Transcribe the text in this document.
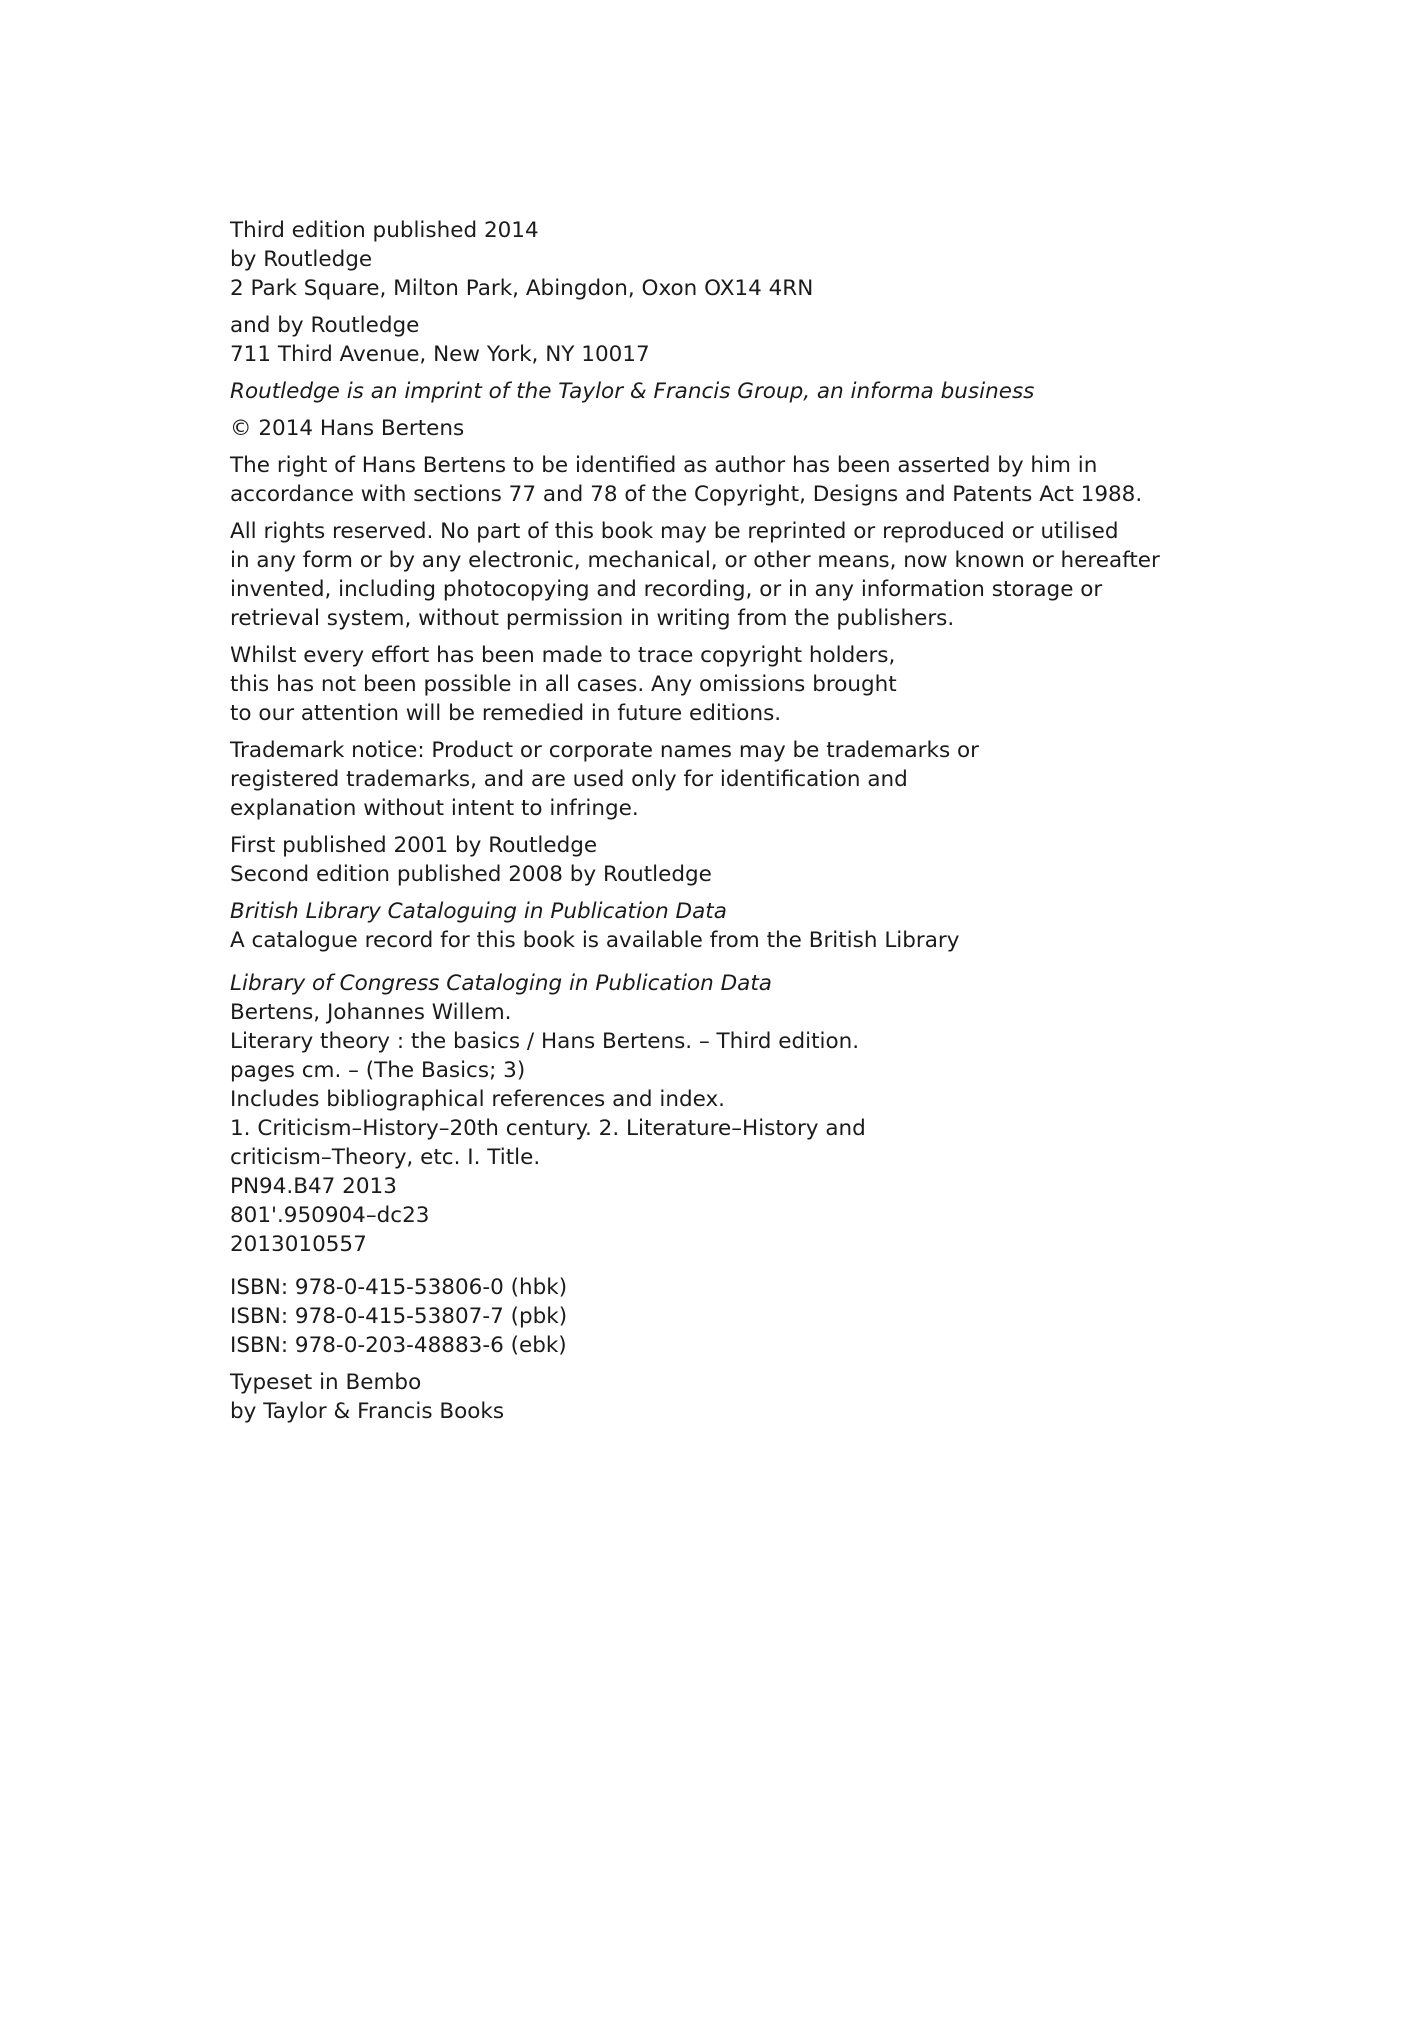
Third edition published 2014
by Routledge
2 Park Square, Milton Park, Abingdon, Oxon OX14 4RN
and by Routledge
711 Third Avenue, New York, NY 10017
Routledge is an imprint of the Taylor & Francis Group, an informa business
© 2014 Hans Bertens
The right of Hans Bertens to be identified as author has been asserted by him in
accordance with sections 77 and 78 of the Copyright, Designs and Patents Act 1988.
All rights reserved. No part of this book may be reprinted or reproduced or utilised
in any form or by any electronic, mechanical, or other means, now known or hereafter
invented, including photocopying and recording, or in any information storage or
retrieval system, without permission in writing from the publishers.
Whilst every effort has been made to trace copyright holders,
this has not been possible in all cases. Any omissions brought
to our attention will be remedied in future editions.
Trademark notice: Product or corporate names may be trademarks or
registered trademarks, and are used only for identification and
explanation without intent to infringe.
First published 2001 by Routledge
Second edition published 2008 by Routledge
British Library Cataloguing in Publication Data
A catalogue record for this book is available from the British Library
Library of Congress Cataloging in Publication Data
Bertens, Johannes Willem.
Literary theory : the basics / Hans Bertens. – Third edition.
pages cm. – (The Basics; 3)
Includes bibliographical references and index.
1. Criticism–History–20th century. 2. Literature–History and
criticism–Theory, etc. I. Title.
PN94.B47 2013
801'.950904–dc23
2013010557
ISBN: 978-0-415-53806-0 (hbk)
ISBN: 978-0-415-53807-7 (pbk)
ISBN: 978-0-203-48883-6 (ebk)
Typeset in Bembo
by Taylor & Francis Books
